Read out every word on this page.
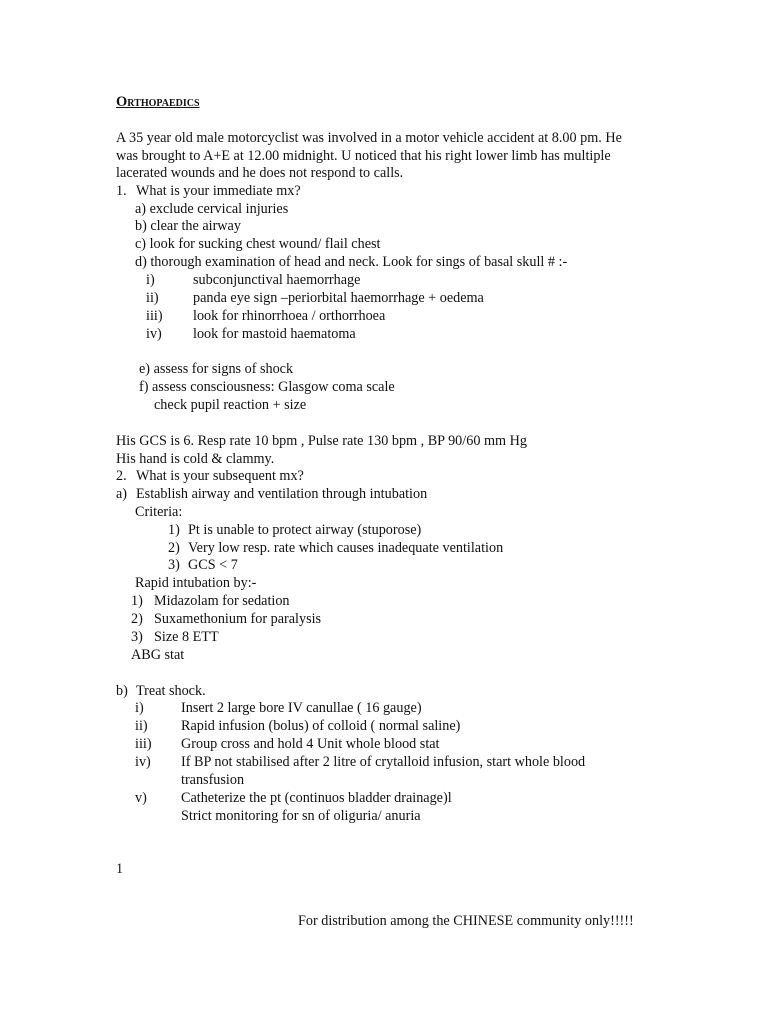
Orthopaedics
A 35 year old male motorcyclist was involved in a motor vehicle accident at 8.00 pm. He
was brought to A+E at 12.00 midnight. U noticed that his right lower limb has multiple
lacerated wounds and he does not respond to calls.
1. What is your immediate mx?
a) exclude cervical injuries
b) clear the airway
c) look for sucking chest wound/ flail chest
d) thorough examination of head and neck. Look for sings of basal skull # :-
i)	subconjunctival haemorrhage
ii) panda eye sign –periorbital haemorrhage + oedema
iii) look for rhinorrhoea / orthorrhoea
iv) look for mastoid haematoma
e) assess for signs of shock
f) assess consciousness: Glasgow coma scale
check pupil reaction + size
His GCS is 6. Resp rate 10 bpm , Pulse rate 130 bpm , BP 90/60 mm Hg
His hand is cold & clammy.
2. What is your subsequent mx?
a) Establish airway and ventilation through intubation
Criteria:
1) Pt is unable to protect airway (stuporose)
2) Very low resp. rate which causes inadequate ventilation
3) GCS < 7
Rapid intubation by:-
1) Midazolam for sedation
2) Suxamethonium for paralysis
3) Size 8 ETT
ABG stat
b) Treat shock.
i)	Insert 2 large bore IV canullae ( 16 gauge)
ii) Rapid infusion (bolus) of colloid ( normal saline)
iii) Group cross and hold 4 Unit whole blood stat
iv) If BP not stabilised after 2 litre of crytalloid infusion, start whole blood
transfusion
v) Catheterize the pt (continuos bladder drainage)l
Strict monitoring for sn of oliguria/ anuria
1
For distribution among the CHINESE community only!!!!!
